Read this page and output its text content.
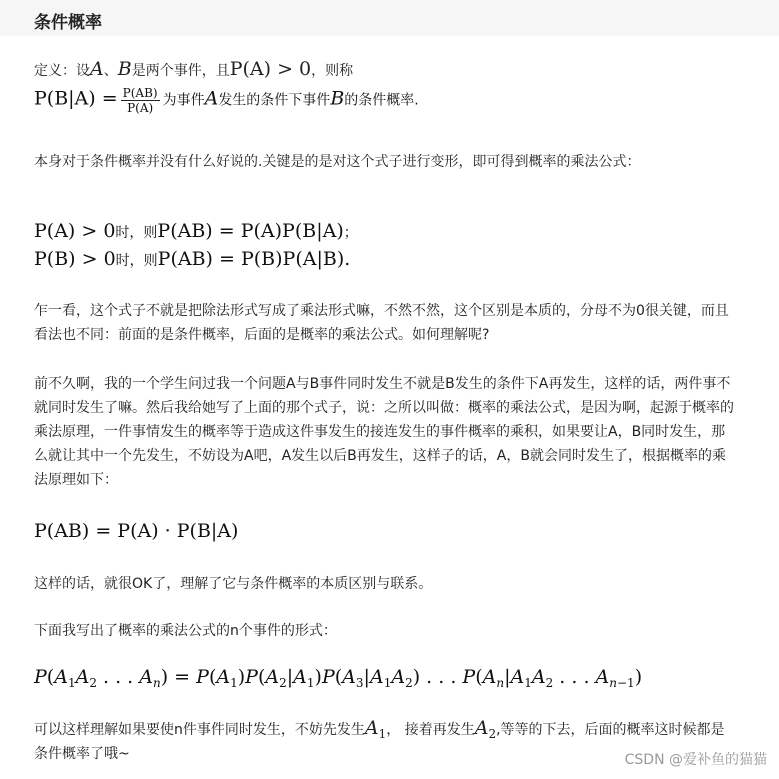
条件概率
定义：设A、B是两个事件，且P(A) > 0，则称
$P(B|A) = \frac{P(AB)}{P(A)}$ 为事件A发生的条件下事件B的条件概率.
本身对于条件概率并没有什么好说的.关键是的是对这个式子进行变形，即可得到概率的乘法公式：
P(A) > 0时，则P(AB) = P(A)P(B|A)；
P(B) > 0时，则P(AB) = P(B)P(A|B).
乍一看，这个式子不就是把除法形式写成了乘法形式嘛，不然不然，这个区别是本质的，分母不为0很关键，而且看法也不同：前面的是条件概率，后面的是概率的乘法公式。如何理解呢?
前不久啊，我的一个学生问过我一个问题A与B事件同时发生不就是B发生的条件下A再发生，这样的话，两件事不就同时发生了嘛。然后我给她写了上面的那个式子，说：之所以叫做：概率的乘法公式，是因为啊，起源于概率的乘法原理，一件事情发生的概率等于造成这件事发生的接连发生的事件概率的乘积，如果要让A，B同时发生，那么就让其中一个先发生，不妨设为A吧，A发生以后B再发生，这样子的话，A，B就会同时发生了，根据概率的乘法原理如下：
P(AB) = P(A) · P(B|A)
这样的话，就很OK了，理解了它与条件概率的本质区别与联系。
下面我写出了概率的乘法公式的n个事件的形式：
$P(A_1A_2$ . . . $A_n) = P(A_1)P(A_2|A_1)P(A_3|A_1A_2)$ . . . $P(A_n|A_1A_2$ . . . $A_{n-1}$)
可以这样理解如果要使n件事件同时发生，不妨先发生$A_1$， 接着再发生$A_2$,等等的下去，后面的概率这时候都是条件概率了哦~	CSDN @爱补鱼的猫猫
